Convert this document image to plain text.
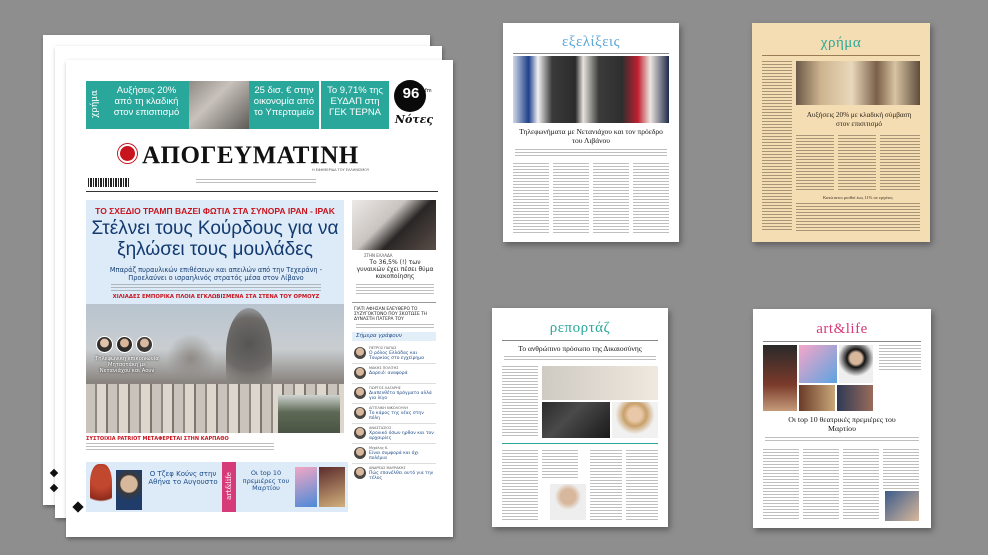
χρήμα	Αυξήσεις 20% από τη κλαδική στον επισιτισμό
25 δισ. € στην οικονομία από το Υπερταμείο
Το 9,71% της ΕΥΔΑΠ στη ΓΕΚ ΤΕΡΝΑ
96	fm
Nότες
ΑΠΟΓΕΥΜΑΤΙΝΗ
Η ΕΦΗΜΕΡΙΔΑ ΤΟΥ ΕΛΛΗΝΙΣΜΟΥ
ΤΟ ΣΧΕΔΙΟ ΤΡΑΜΠ ΒΑΖΕΙ ΦΩΤΙΑ ΣΤΑ ΣΥΝΟΡΑ ΙΡΑΝ - ΙΡΑΚ
Στέλνει τους Κούρδους για να ξηλώσει τους μουλάδες
Μπαράζ πυραυλικών επιθέσεων και απειλών από την Τεχεράνη - Προελαύνει ο ισραηλινός στρατός μέσα στον Λίβανο
ΧΙΛΙΑΔΕΣ ΕΜΠΟΡΙΚΑ ΠΛΟΙΑ ΕΓΚΛΩΒΙΣΜΕΝΑ ΣΤΑ ΣΤΕΝΑ ΤΟΥ ΟΡΜΟΥΖ
Τηλεφωνική επικοινωνία Μητσοτάκη με Νετανιάχου και Αουν
ΣΥΣΤΟΙΧΙΑ PATRIOT ΜΕΤΑΦΕΡΕΤΑΙ ΣΤΗΝ ΚΑΡΠΑΘΟ
ΣΤΗΝ ΕΛΛΑΔΑ
Το 36,5% (!) των γυναικών έχει πέσει θύμα κακοποίησης
ΓΙΑΤΙ ΑΦΗΣΑΝ ΕΛΕΥΘΕΡΟ ΤΟ ΣΥΖΥΓΟΚΤΟΝΟ ΠΟΥ ΣΚΟΤΩΣΕ ΤΗ ΔΥΝΑΣΤΗ ΠΑΤΕΡΑ ΤΟΥ
Σήμερα γράφουν
ΠΕΤΡΟΣ ΠΑΠΑΣ
Ο ρόλος Ελλάδας και Τουρκίας στο εγχείρημα
ΜΑΚΗΣ ΠΟΛΙΤΗΣ
Δαρειό: αναφορά
ΓΙΩΡΓΟΣ ΛΑΓΑΡΗΣ
Διαπενθέτα πράγματα αλλά για λίγο
ΑΓΓΕΛΙΚΗ ΝΙΚΟΛΟΥΛΗ
Το κάρος της νέας στην πόλη
ΑΝΑΣΤΑΣΙΟΣ
Χρονικό όσων ηρθαν και τον αρχαιρίες
Μιχάλης Κ.
Είναι συμφορά και όχι πολέμια
ΑΝΔΡΕΑΣ ΜΑΥΡΑΚΗΣ
Πώς επανέλθει αυτό για την τέλος
Ο Τζεφ Κούνς στην Αθήνα το Αυγουστο	art&life	Οι top 10 πρεμιέρες του Μαρτίου
εξελίξεις
Τηλεφωνήματα με Νετανιάχου και τον πρόεδρο του Λιβάνου
χρήμα
Αυξήσεις 20% με κλαδική σύμβαση στον επισιτισμό
Κατώτατοι μισθοί έως 11% σε εργάτες
ρεπορτάζ
Το ανθρώπινο πρόσωπο της Δικαιοσύνης
art&life
Οι top 10 θεατρικές πρεμιέρες του Μαρτίου
